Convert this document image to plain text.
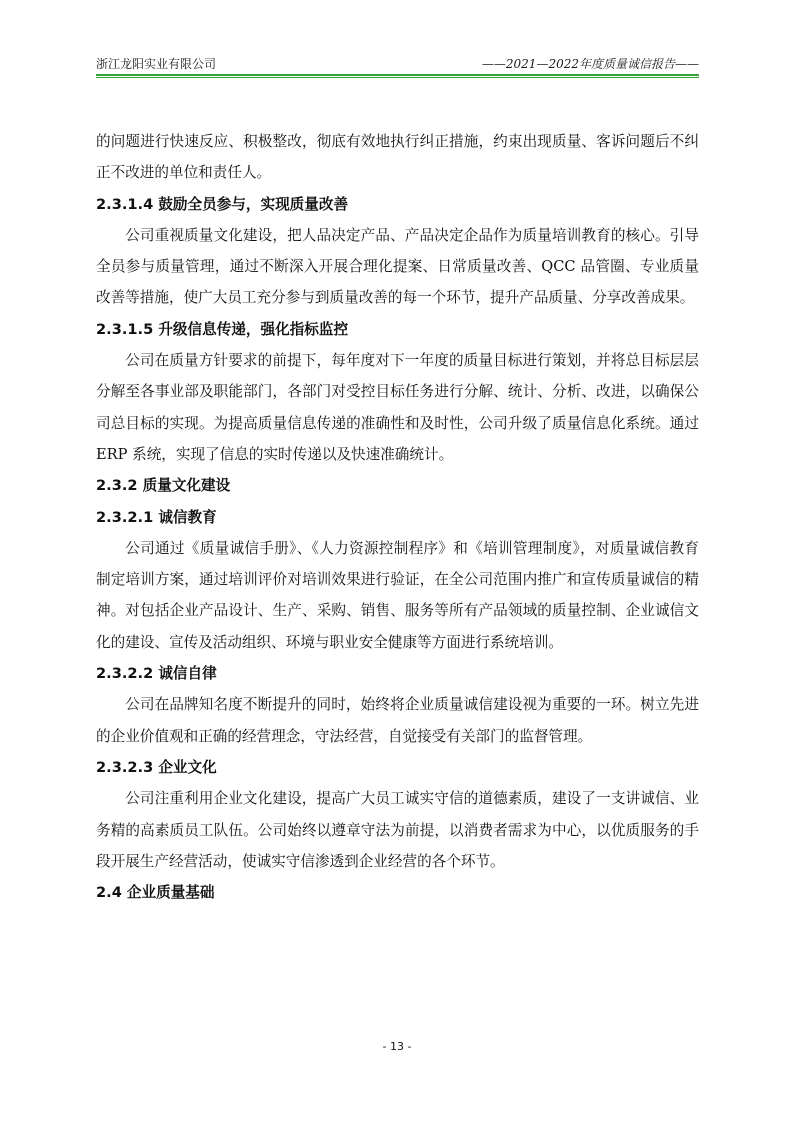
浙江龙阳实业有限公司	——2021—2022年度质量诚信报告——

的问题进行快速反应、积极整改，彻底有效地执行纠正措施，约束出现质量、客诉问题后不纠正不改进的单位和责任人。

2.3.1.4 鼓励全员参与，实现质量改善

公司重视质量文化建设，把人品决定产品、产品决定企品作为质量培训教育的核心。引导全员参与质量管理，通过不断深入开展合理化提案、日常质量改善、QCC 品管圈、专业质量改善等措施，使广大员工充分参与到质量改善的每一个环节，提升产品质量、分享改善成果。

2.3.1.5 升级信息传递，强化指标监控

公司在质量方针要求的前提下，每年度对下一年度的质量目标进行策划，并将总目标层层分解至各事业部及职能部门，各部门对受控目标任务进行分解、统计、分析、改进，以确保公司总目标的实现。为提高质量信息传递的准确性和及时性，公司升级了质量信息化系统。通过 ERP 系统，实现了信息的实时传递以及快速准确统计。

2.3.2 质量文化建设

2.3.2.1 诚信教育

公司通过《质量诚信手册》、《人力资源控制程序》和《培训管理制度》，对质量诚信教育制定培训方案，通过培训评价对培训效果进行验证，在全公司范围内推广和宣传质量诚信的精神。对包括企业产品设计、生产、采购、销售、服务等所有产品领域的质量控制、企业诚信文化的建设、宣传及活动组织、环境与职业安全健康等方面进行系统培训。

2.3.2.2 诚信自律

公司在品牌知名度不断提升的同时，始终将企业质量诚信建设视为重要的一环。树立先进的企业价值观和正确的经营理念，守法经营，自觉接受有关部门的监督管理。

2.3.2.3 企业文化

公司注重利用企业文化建设，提高广大员工诚实守信的道德素质，建设了一支讲诚信、业务精的高素质员工队伍。公司始终以遵章守法为前提，以消费者需求为中心，以优质服务的手段开展生产经营活动，使诚实守信渗透到企业经营的各个环节。

2.4 企业质量基础

- 13 -
